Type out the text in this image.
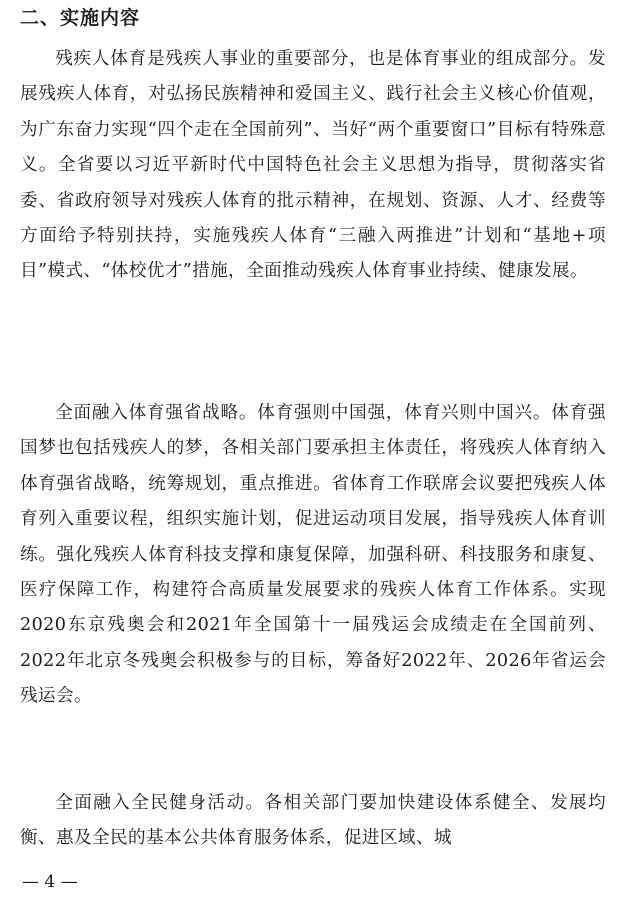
二、实施内容

残疾人体育是残疾人事业的重要部分，也是体育事业的组成部分。发展残疾人体育，对弘扬民族精神和爱国主义、践行社会主义核心价值观，为广东奋力实现“四个走在全国前列”、当好“两个重要窗口”目标有特殊意义。全省要以习近平新时代中国特色社会主义思想为指导，贯彻落实省委、省政府领导对残疾人体育的批示精神，在规划、资源、人才、经费等方面给予特别扶持，实施残疾人体育“三融入两推进”计划和“基地+项目”模式、“体校优才”措施，全面推动残疾人体育事业持续、健康发展。

全面融入体育强省战略。体育强则中国强，体育兴则中国兴。体育强国梦也包括残疾人的梦，各相关部门要承担主体责任，将残疾人体育纳入体育强省战略，统筹规划，重点推进。省体育工作联席会议要把残疾人体育列入重要议程，组织实施计划，促进运动项目发展，指导残疾人体育训练。强化残疾人体育科技支撑和康复保障，加强科研、科技服务和康复、医疗保障工作，构建符合高质量发展要求的残疾人体育工作体系。实现2020东京残奥会和2021年全国第十一届残运会成绩走在全国前列、2022年北京冬残奥会积极参与的目标，筹备好2022年、2026年省运会残运会。

全面融入全民健身活动。各相关部门要加快建设体系健全、发展均衡、惠及全民的基本公共体育服务体系，促进区域、城

— 4 —
